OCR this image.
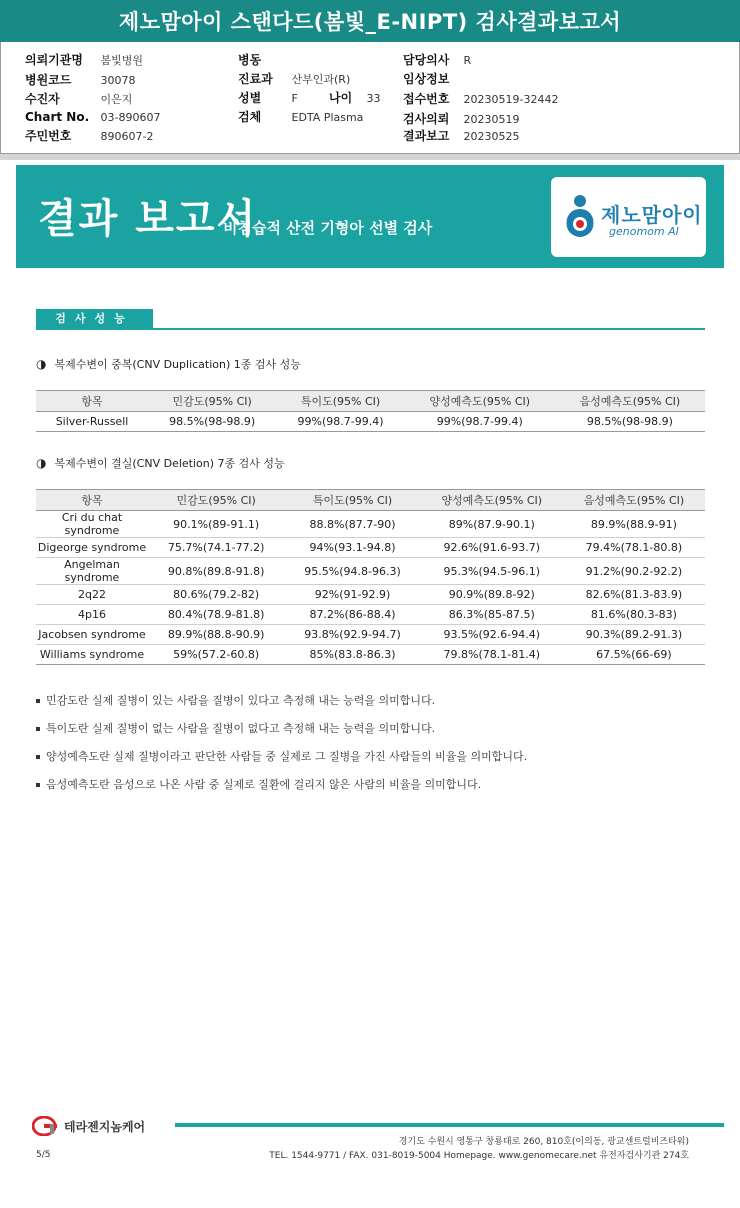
제노맘아이 스탠다드(봄빛_E-NIPT) 검사결과보고서
의뢰기관명 봄빛병원
병원코드	30078
수진자	이은지
Chart No. 03-890607
주민번호	890607-2
병동
진료과 산부인과(R)
성별	F	나이 33
검체	EDTA Plasma
담당의사 R
임상정보
접수번호 20230519-32442
검사의뢰 20230519
결과보고 20230525
결과 보고서
비침습적 산전 기형아 선별 검사
제노맘아이
genomom AI
검사성능
◑ 복제수변이 중복(CNV Duplication) 1종 검사 성능
항목	민감도(95% CI)	특이도(95% CI)	양성예측도(95% CI)	음성예측도(95% CI)
Silver-Russell	98.5%(98-98.9)	99%(98.7-99.4)	99%(98.7-99.4)	98.5%(98-98.9)
◑ 복제수변이 결실(CNV Deletion) 7종 검사 성능
항목	민감도(95% CI)	특이도(95% CI)	양성예측도(95% CI)	음성예측도(95% CI)
Cri du chat syndrome	90.1%(89-91.1)	88.8%(87.7-90)	89%(87.9-90.1)	89.9%(88.9-91)
Digeorge syndrome	75.7%(74.1-77.2)	94%(93.1-94.8)	92.6%(91.6-93.7)	79.4%(78.1-80.8)
Angelman syndrome	90.8%(89.8-91.8)	95.5%(94.8-96.3)	95.3%(94.5-96.1)	91.2%(90.2-92.2)
2q22	80.6%(79.2-82)	92%(91-92.9)	90.9%(89.8-92)	82.6%(81.3-83.9)
4p16	80.4%(78.9-81.8)	87.2%(86-88.4)	86.3%(85-87.5)	81.6%(80.3-83)
Jacobsen syndrome	89.9%(88.8-90.9)	93.8%(92.9-94.7)	93.5%(92.6-94.4)	90.3%(89.2-91.3)
Williams syndrome	59%(57.2-60.8)	85%(83.8-86.3)	79.8%(78.1-81.4)	67.5%(66-69)
민감도란 실제 질병이 있는 사람을 질병이 있다고 측정해 내는 능력을 의미합니다.
특이도란 실제 질병이 없는 사람을 질병이 없다고 측정해 내는 능력을 의미합니다.
양성예측도란 실제 질병이라고 판단한 사람들 중 실제로 그 질병을 가진 사람들의 비율을 의미합니다.
음성예측도란 음성으로 나온 사람 중 실제로 질환에 걸리지 않은 사람의 비율을 의미합니다.
테라젠지놈케어
경기도 수원시 영통구 창룡대로 260, 810호(이의동, 광교센트럴비즈타워)
TEL. 1544-9771 / FAX. 031-8019-5004 Homepage. www.genomecare.net 유전자검사기관 274호
5/5
